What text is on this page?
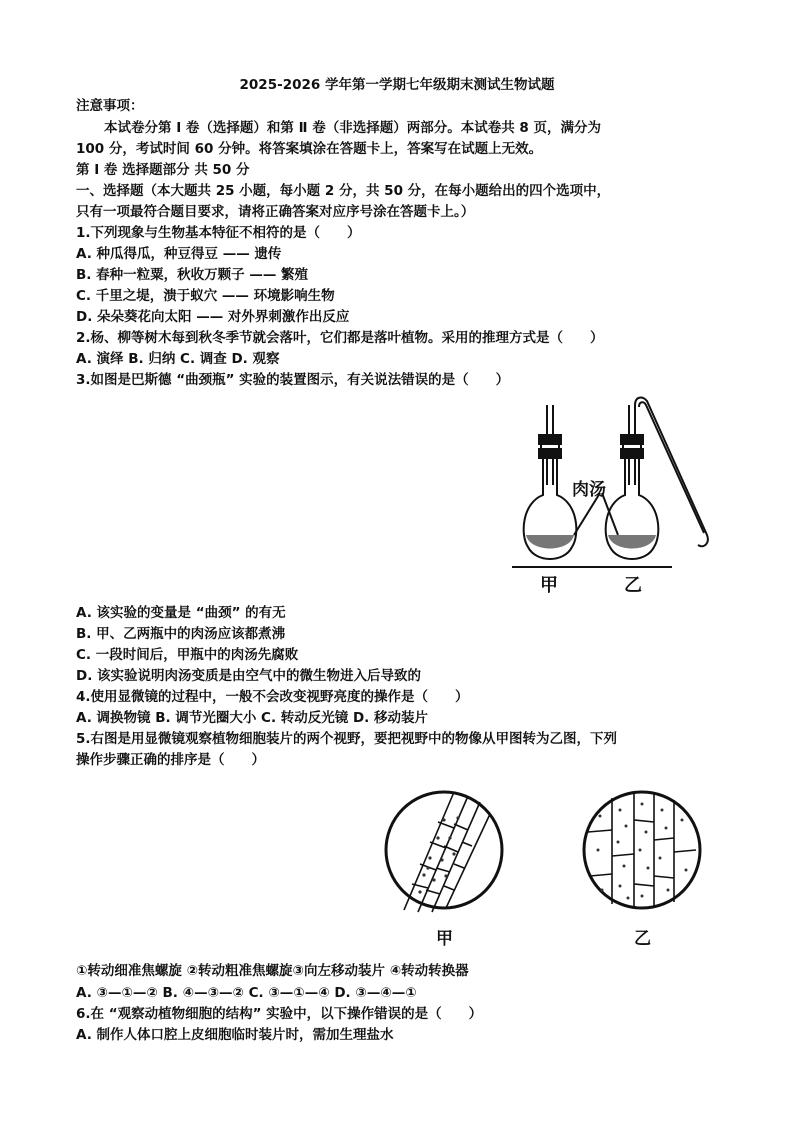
2025-2026 学年第一学期七年级期末测试生物试题
注意事项：
本试卷分第 Ⅰ 卷（选择题）和第 Ⅱ 卷（非选择题）两部分。本试卷共 8 页，满分为
100 分，考试时间 60 分钟。将答案填涂在答题卡上，答案写在试题上无效。
第 Ⅰ 卷 选择题部分 共 50 分
一、选择题（本大题共 25 小题，每小题 2 分，共 50 分，在每小题给出的四个选项中，
只有一项最符合题目要求，请将正确答案对应序号涂在答题卡上。）
1.下列现象与生物基本特征不相符的是（　　）
A. 种瓜得瓜，种豆得豆 —— 遗传
B. 春种一粒粟，秋收万颗子 —— 繁殖
C. 千里之堤，溃于蚁穴 —— 环境影响生物
D. 朵朵葵花向太阳 —— 对外界刺激作出反应
2.杨、柳等树木每到秋冬季节就会落叶，它们都是落叶植物。采用的推理方式是（　　）
A. 演绎 B. 归纳 C. 调查 D. 观察
3.如图是巴斯德 “曲颈瓶” 实验的装置图示，有关说法错误的是（　　）
肉汤
甲	乙
A. 该实验的变量是 “曲颈” 的有无
B. 甲、乙两瓶中的肉汤应该都煮沸
C. 一段时间后，甲瓶中的肉汤先腐败
D. 该实验说明肉汤变质是由空气中的微生物进入后导致的
4.使用显微镜的过程中，一般不会改变视野亮度的操作是（　　）
A. 调换物镜 B. 调节光圈大小 C. 转动反光镜 D. 移动装片
5.右图是用显微镜观察植物细胞装片的两个视野，要把视野中的物像从甲图转为乙图，下列
操作步骤正确的排序是（　　）
甲	乙
①转动细准焦螺旋 ②转动粗准焦螺旋③向左移动装片 ④转动转换器
A. ③—①—② B. ④—③—② C. ③—①—④ D. ③—④—①
6.在 “观察动植物细胞的结构” 实验中，以下操作错误的是（　　）
A. 制作人体口腔上皮细胞临时装片时，需加生理盐水
